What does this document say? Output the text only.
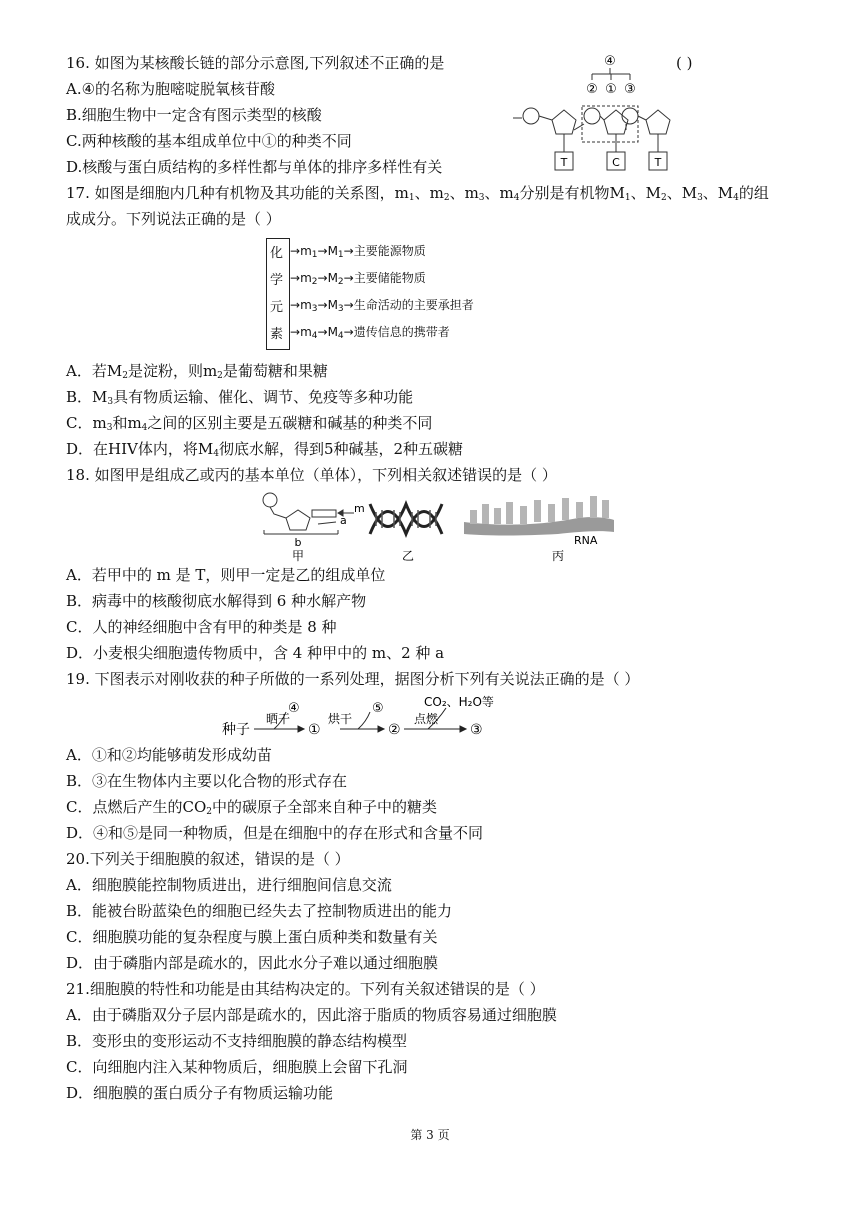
16. 如图为某核酸长链的部分示意图,下列叙述不正确的是	( )
A.④的名称为胞嘧啶脱氧核苷酸
B.细胞生物中一定含有图示类型的核酸
C.两种核酸的基本组成单位中①的种类不同
D.核酸与蛋白质结构的多样性都与单体的排序多样性有关
④
② ① ③
T	C	T
17. 如图是细胞内几种有机物及其功能的关系图，$m_1$、$m_2$、$m_3$、$m_4$分别是有机物$M_1$、$M_2$、$M_3$、$M_4$的组
成成分。下列说法正确的是（ ）
化
学
元
素
$\to m_1\to M_1\to$主要能源物质
$\to m_2\to M_2\to$主要储能物质
$\to m_3\to M_3\to$生命活动的主要承担者
$\to m_4\to M_4\to$遗传信息的携带者
A．若$M_2$是淀粉，则$m_2$是葡萄糖和果糖
B．$M_3$具有物质运输、催化、调节、免疫等多种功能
C．$m_3$和$m_4$之间的区别主要是五碳糖和碱基的种类不同
D．在HIV体内，将$M_4$彻底水解，得到5种碱基，2种五碳糖
18. 如图甲是组成乙或丙的基本单位（单体），下列相关叙述错误的是（ ）
m
a
b
甲	乙
RNA
丙
A．若甲中的 m 是 T，则甲一定是乙的组成单位
B．病毒中的核酸彻底水解得到 6 种水解产物
C．人的神经细胞中含有甲的种类是 8 种
D．小麦根尖细胞遗传物质中，含 4 种甲中的 m、2 种 a
19. 下图表示对刚收获的种子所做的一系列处理，据图分析下列有关说法正确的是（ ）
种子
晒干
④
①
烘干
⑤
②
点燃
CO₂、H₂O等
③
A．①和②均能够萌发形成幼苗
B．③在生物体内主要以化合物的形式存在
C．点燃后产生的$CO_2$中的碳原子全部来自种子中的糖类
D．④和⑤是同一种物质，但是在细胞中的存在形式和含量不同
20.下列关于细胞膜的叙述，错误的是（ ）
A．细胞膜能控制物质进出，进行细胞间信息交流
B．能被台盼蓝染色的细胞已经失去了控制物质进出的能力
C．细胞膜功能的复杂程度与膜上蛋白质种类和数量有关
D．由于磷脂内部是疏水的，因此水分子难以通过细胞膜
21.细胞膜的特性和功能是由其结构决定的。下列有关叙述错误的是（ ）
A．由于磷脂双分子层内部是疏水的，因此溶于脂质的物质容易通过细胞膜
B．变形虫的变形运动不支持细胞膜的静态结构模型
C．向细胞内注入某种物质后，细胞膜上会留下孔洞
D．细胞膜的蛋白质分子有物质运输功能
第 3 页
